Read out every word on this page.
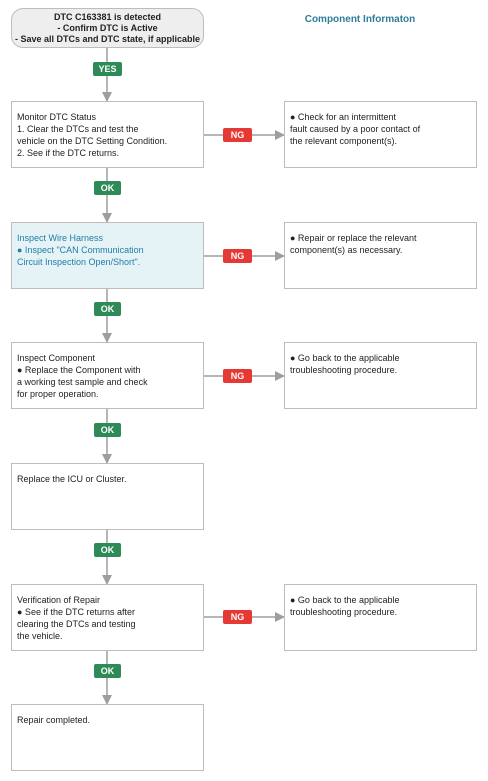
DTC C163381 is detected
- Confirm DTC is Active
- Save all DTCs and DTC state, if applicable
Component Informaton
YES
Monitor DTC Status
1. Clear the DTCs and test the
vehicle on the DTC Setting Condition.
2. See if the DTC returns.
NG
● Check for an intermittent
fault caused by a poor contact of
the relevant component(s).
OK
Inspect Wire Harness
● Inspect "CAN Communication
Circuit Inspection Open/Short".
NG
● Repair or replace the relevant
component(s) as necessary.
OK
Inspect Component
● Replace the Component with
a working test sample and check
for proper operation.
NG
● Go back to the applicable
troubleshooting procedure.
OK
Replace the ICU or Cluster.
OK
Verification of Repair
● See if the DTC returns after
clearing the DTCs and testing
the vehicle.
NG
● Go back to the applicable
troubleshooting procedure.
OK
Repair completed.
